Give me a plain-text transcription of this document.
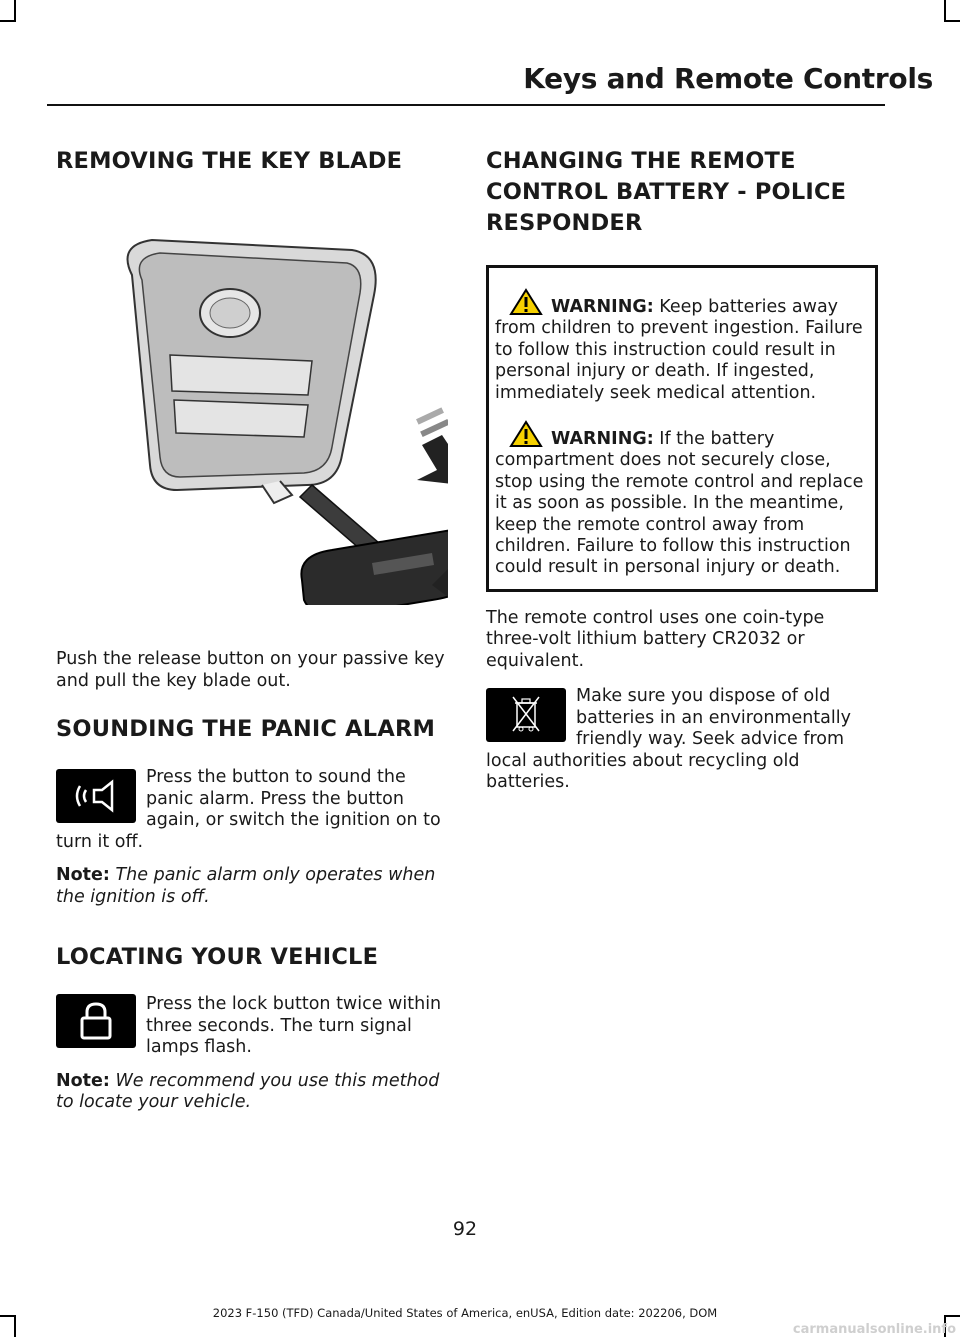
Keys and Remote Controls
REMOVING THE KEY BLADE

Push the release button on your passive key and pull the key blade out.

SOUNDING THE PANIC ALARM

Press the button to sound the panic alarm. Press the button again, or switch the ignition on to turn it off.

Note: The panic alarm only operates when the ignition is off.

LOCATING YOUR VEHICLE

Press the lock button twice within three seconds. The turn signal lamps flash.

Note: We recommend you use this method to locate your vehicle.

CHANGING THE REMOTE CONTROL BATTERY - POLICE RESPONDER

WARNING: Keep batteries away from children to prevent ingestion. Failure to follow this instruction could result in personal injury or death. If ingested, immediately seek medical attention.

WARNING: If the battery compartment does not securely close, stop using the remote control and replace it as soon as possible. In the meantime, keep the remote control away from children. Failure to follow this instruction could result in personal injury or death.

The remote control uses one coin-type three-volt lithium battery CR2032 or equivalent.

Make sure you dispose of old batteries in an environmentally friendly way. Seek advice from local authorities about recycling old batteries.

92
2023 F-150 (TFD) Canada/United States of America, enUSA, Edition date: 202206, DOM
carmanualsonline.info
